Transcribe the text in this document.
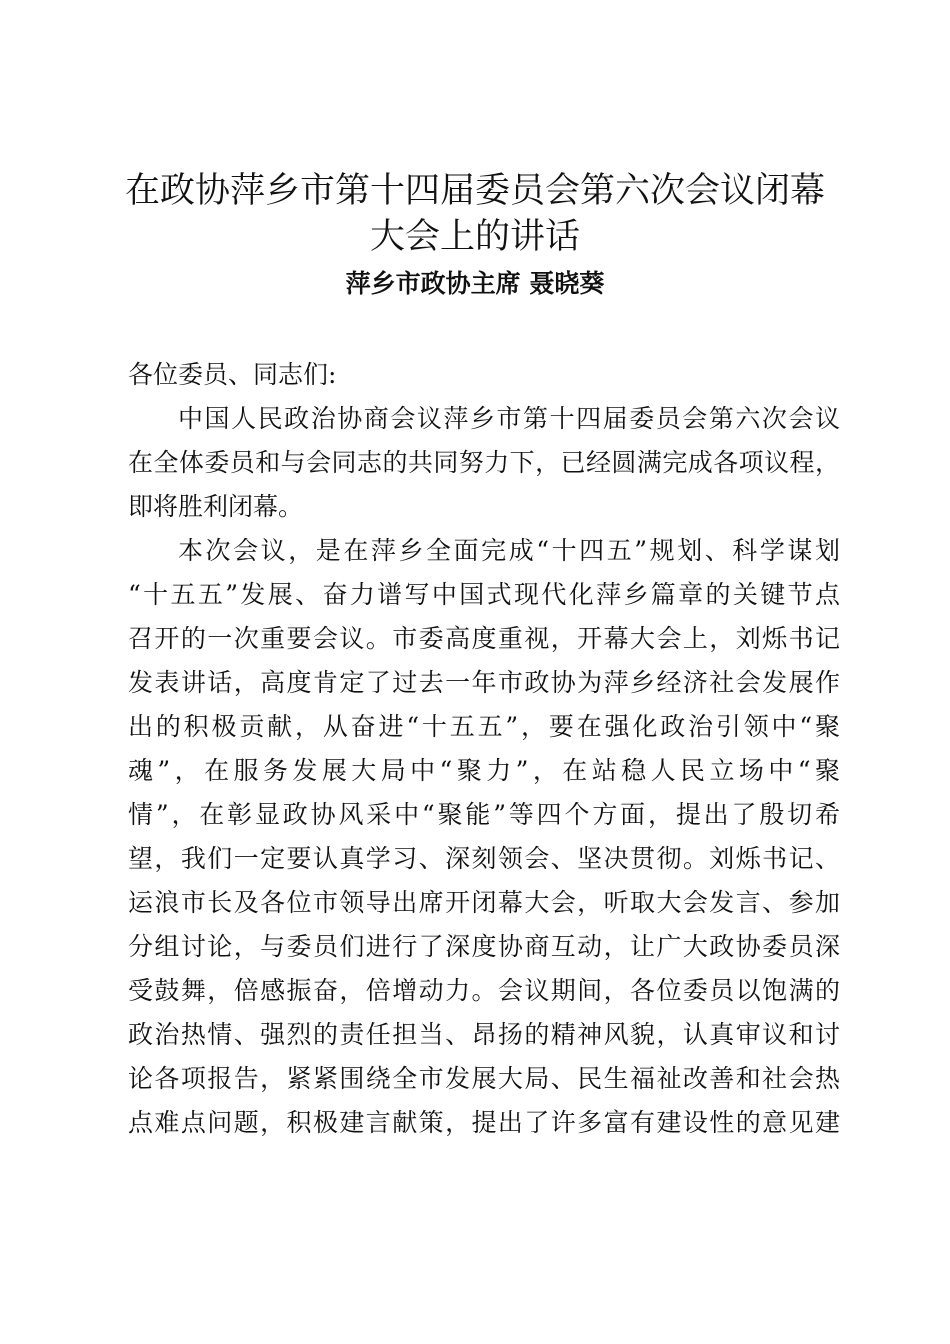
在政协萍乡市第十四届委员会第六次会议闭幕
大会上的讲话

萍乡市政协主席 聂晓葵

各位委员、同志们:

中国人民政治协商会议萍乡市第十四届委员会第六次会议

在全体委员和与会同志的共同努力下，已经圆满完成各项议程，

即将胜利闭幕。

本次会议，是在萍乡全面完成“十四五”规划、科学谋划

“十五五”发展、奋力谱写中国式现代化萍乡篇章的关键节点

召开的一次重要会议。市委高度重视，开幕大会上，刘烁书记

发表讲话，高度肯定了过去一年市政协为萍乡经济社会发展作

出的积极贡献，从奋进“十五五”，要在强化政治引领中“聚

魂”，在服务发展大局中“聚力”，在站稳人民立场中“聚

情”，在彰显政协风采中“聚能”等四个方面，提出了殷切希

望，我们一定要认真学习、深刻领会、坚决贯彻。刘烁书记、

运浪市长及各位市领导出席开闭幕大会，听取大会发言、参加

分组讨论，与委员们进行了深度协商互动，让广大政协委员深

受鼓舞，倍感振奋，倍增动力。会议期间，各位委员以饱满的

政治热情、强烈的责任担当、昂扬的精神风貌，认真审议和讨

论各项报告，紧紧围绕全市发展大局、民生福祉改善和社会热

点难点问题，积极建言献策，提出了许多富有建设性的意见建
